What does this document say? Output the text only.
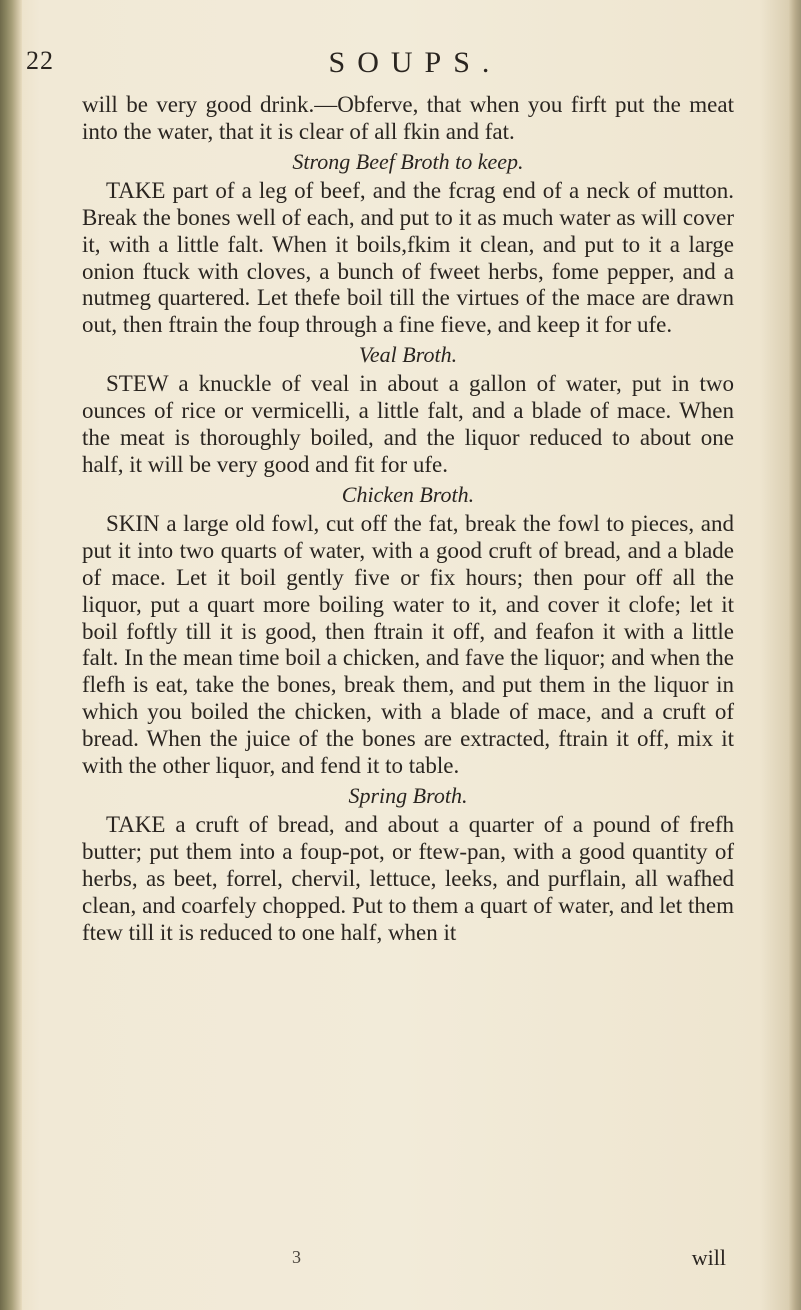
22	SOUPS.

will be very good drink.—Obferve, that when you firft put the meat into the water, that it is clear of all fkin and fat.

Strong Beef Broth to keep.

TAKE part of a leg of beef, and the fcrag end of a neck of mutton. Break the bones well of each, and put to it as much water as will cover it, with a little falt. When it boils,fkim it clean, and put to it a large onion ftuck with cloves, a bunch of fweet herbs, fome pepper, and a nutmeg quartered. Let thefe boil till the virtues of the mace are drawn out, then ftrain the foup through a fine fieve, and keep it for ufe.

Veal Broth.

STEW a knuckle of veal in about a gallon of water, put in two ounces of rice or vermicelli, a little falt, and a blade of mace. When the meat is thoroughly boiled, and the liquor reduced to about one half, it will be very good and fit for ufe.

Chicken Broth.

SKIN a large old fowl, cut off the fat, break the fowl to pieces, and put it into two quarts of water, with a good cruft of bread, and a blade of mace. Let it boil gently five or fix hours; then pour off all the liquor, put a quart more boiling water to it, and cover it clofe; let it boil foftly till it is good, then ftrain it off, and feafon it with a little falt. In the mean time boil a chicken, and fave the liquor; and when the flefh is eat, take the bones, break them, and put them in the liquor in which you boiled the chicken, with a blade of mace, and a cruft of bread. When the juice of the bones are extracted, ftrain it off, mix it with the other liquor, and fend it to table.

Spring Broth.

TAKE a cruft of bread, and about a quarter of a pound of frefh butter; put them into a foup-pot, or ftew-pan, with a good quantity of herbs, as beet, forrel, chervil, lettuce, leeks, and purflain, all wafhed clean, and coarfely chopped. Put to them a quart of water, and let them ftew till it is reduced to one half, when it

3	will
